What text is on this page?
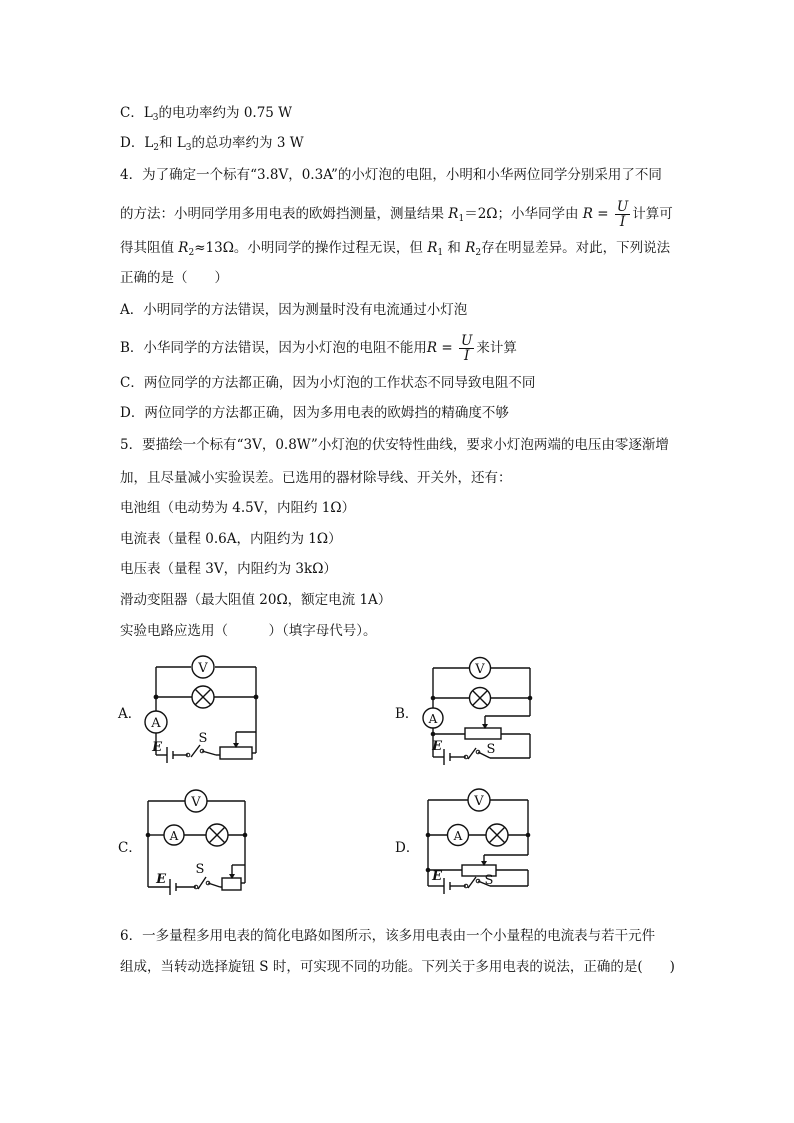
C．$L_3$的电功率约为 0.75 W
D．$L_2$和 $L_3$的总功率约为 3 W
4．为了确定一个标有“3.8V，0.3A”的小灯泡的电阻，小明和小华两位同学分别采用了不同
的方法：小明同学用多用电表的欧姆挡测量，测量结果 $R_1=2\Omega$；小华同学由 $R = \frac{U}{I}$ 计算可
得其阻值 $R_2\approx 13\Omega$。小明同学的操作过程无误，但 $R_1$ 和 $R_2$存在明显差异。对此，下列说法
正确的是（　　）
A．小明同学的方法错误，因为测量时没有电流通过小灯泡
B．小华同学的方法错误，因为小灯泡的电阻不能用$R = \frac{U}{I}$ 来计算
C．两位同学的方法都正确，因为小灯泡的工作状态不同导致电阻不同
D．两位同学的方法都正确，因为多用电表的欧姆挡的精确度不够
5．要描绘一个标有“3V，0.8W”小灯泡的伏安特性曲线，要求小灯泡两端的电压由零逐渐增
加，且尽量减小实验误差。已选用的器材除导线、开关外，还有：
电池组（电动势为 4.5V，内阻约 1Ω）
电流表（量程 0.6A，内阻约为 1Ω）
电压表（量程 3V，内阻约为 3kΩ）
滑动变阻器（最大阻值 20Ω，额定电流 1A）
实验电路应选用（　　　）（填字母代号）。
A．	B．
C．	D．
V
A
E
S
V
A
E	S
V
A
E
S
V
A
E	S
6．一多量程多用电表的简化电路如图所示，该多用电表由一个小量程的电流表与若干元件
组成，当转动选择旋钮 S 时，可实现不同的功能。下列关于多用电表的说法，正确的是(　　)
